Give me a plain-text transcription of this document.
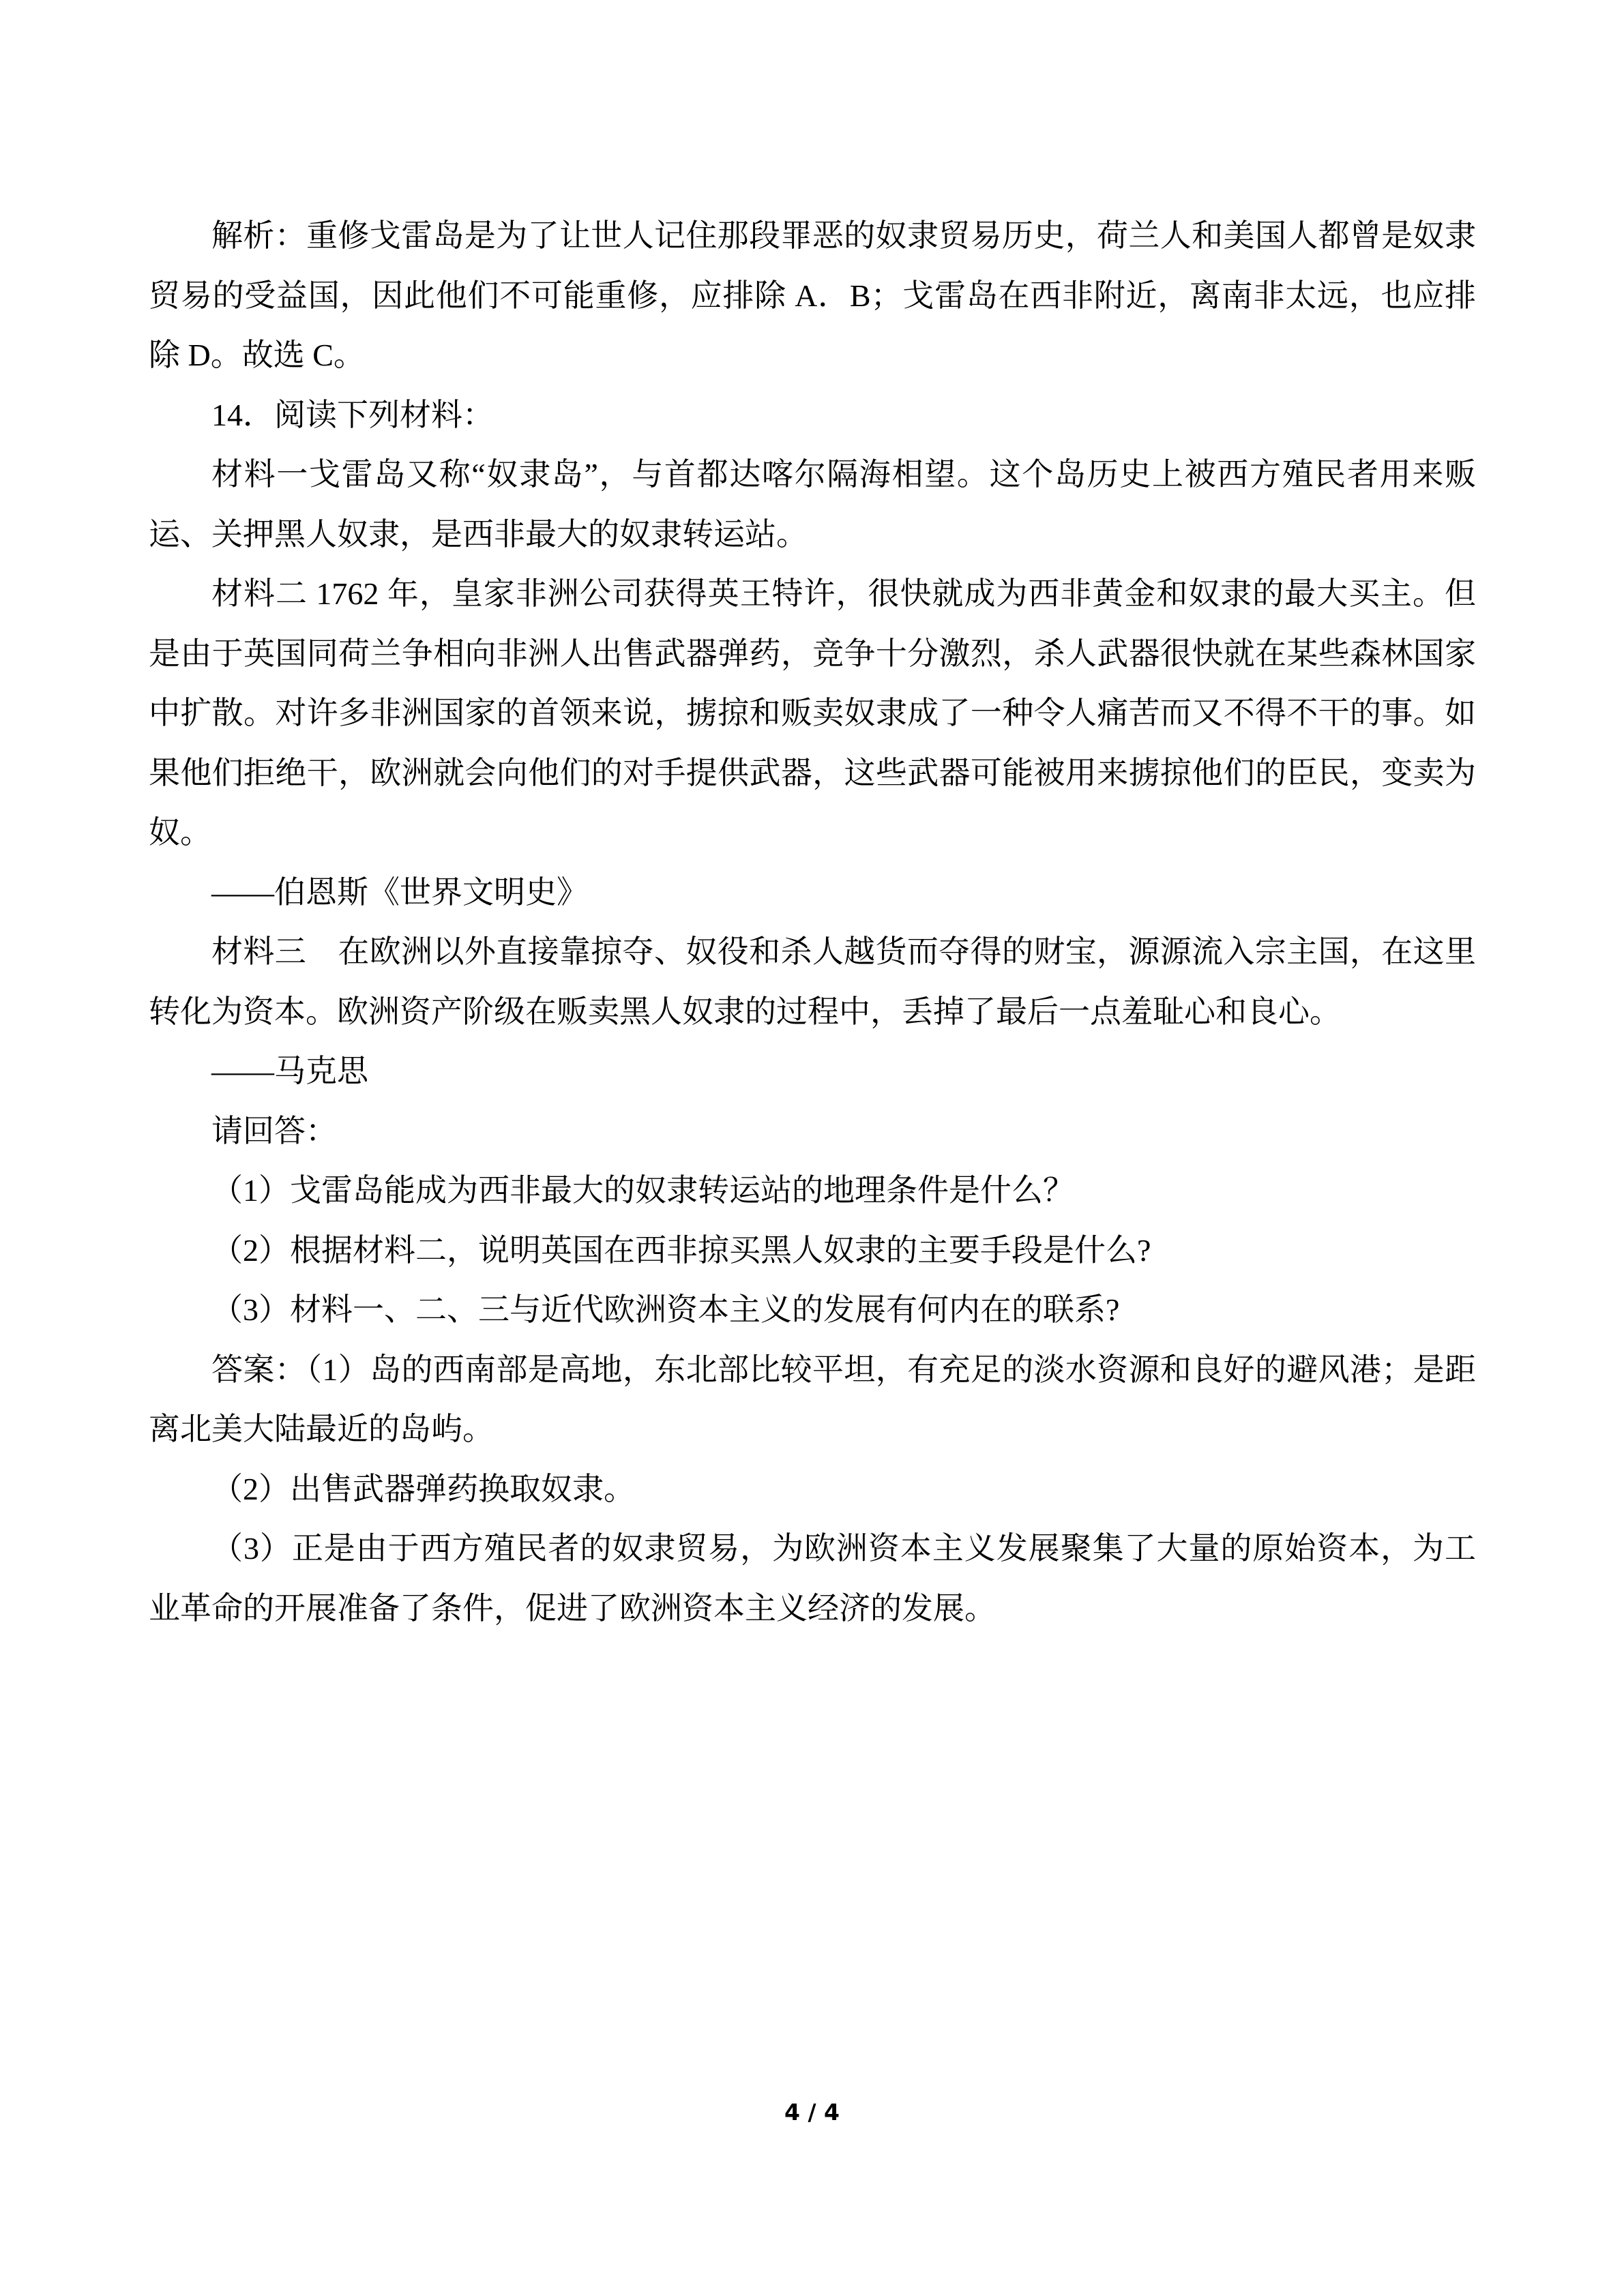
解析：重修戈雷岛是为了让世人记住那段罪恶的奴隶贸易历史，荷兰人和美国人都曾是奴隶贸易的受益国，因此他们不可能重修，应排除 A．B；戈雷岛在西非附近，离南非太远，也应排除 D。故选 C。

14．阅读下列材料：

材料一戈雷岛又称“奴隶岛”，与首都达喀尔隔海相望。这个岛历史上被西方殖民者用来贩运、关押黑人奴隶，是西非最大的奴隶转运站。

材料二 1762 年，皇家非洲公司获得英王特许，很快就成为西非黄金和奴隶的最大买主。但是由于英国同荷兰争相向非洲人出售武器弹药，竞争十分激烈，杀人武器很快就在某些森林国家中扩散。对许多非洲国家的首领来说，掳掠和贩卖奴隶成了一种令人痛苦而又不得不干的事。如果他们拒绝干，欧洲就会向他们的对手提供武器，这些武器可能被用来掳掠他们的臣民，变卖为奴。

——伯恩斯《世界文明史》

材料三　在欧洲以外直接靠掠夺、奴役和杀人越货而夺得的财宝，源源流入宗主国，在这里转化为资本。欧洲资产阶级在贩卖黑人奴隶的过程中，丢掉了最后一点羞耻心和良心。

——马克思

请回答：

（1）戈雷岛能成为西非最大的奴隶转运站的地理条件是什么？

（2）根据材料二，说明英国在西非掠买黑人奴隶的主要手段是什么?

（3）材料一、二、三与近代欧洲资本主义的发展有何内在的联系?

答案：（1）岛的西南部是高地，东北部比较平坦，有充足的淡水资源和良好的避风港；是距离北美大陆最近的岛屿。

（2）出售武器弹药换取奴隶。

（3）正是由于西方殖民者的奴隶贸易，为欧洲资本主义发展聚集了大量的原始资本，为工业革命的开展准备了条件，促进了欧洲资本主义经济的发展。

4 / 4
